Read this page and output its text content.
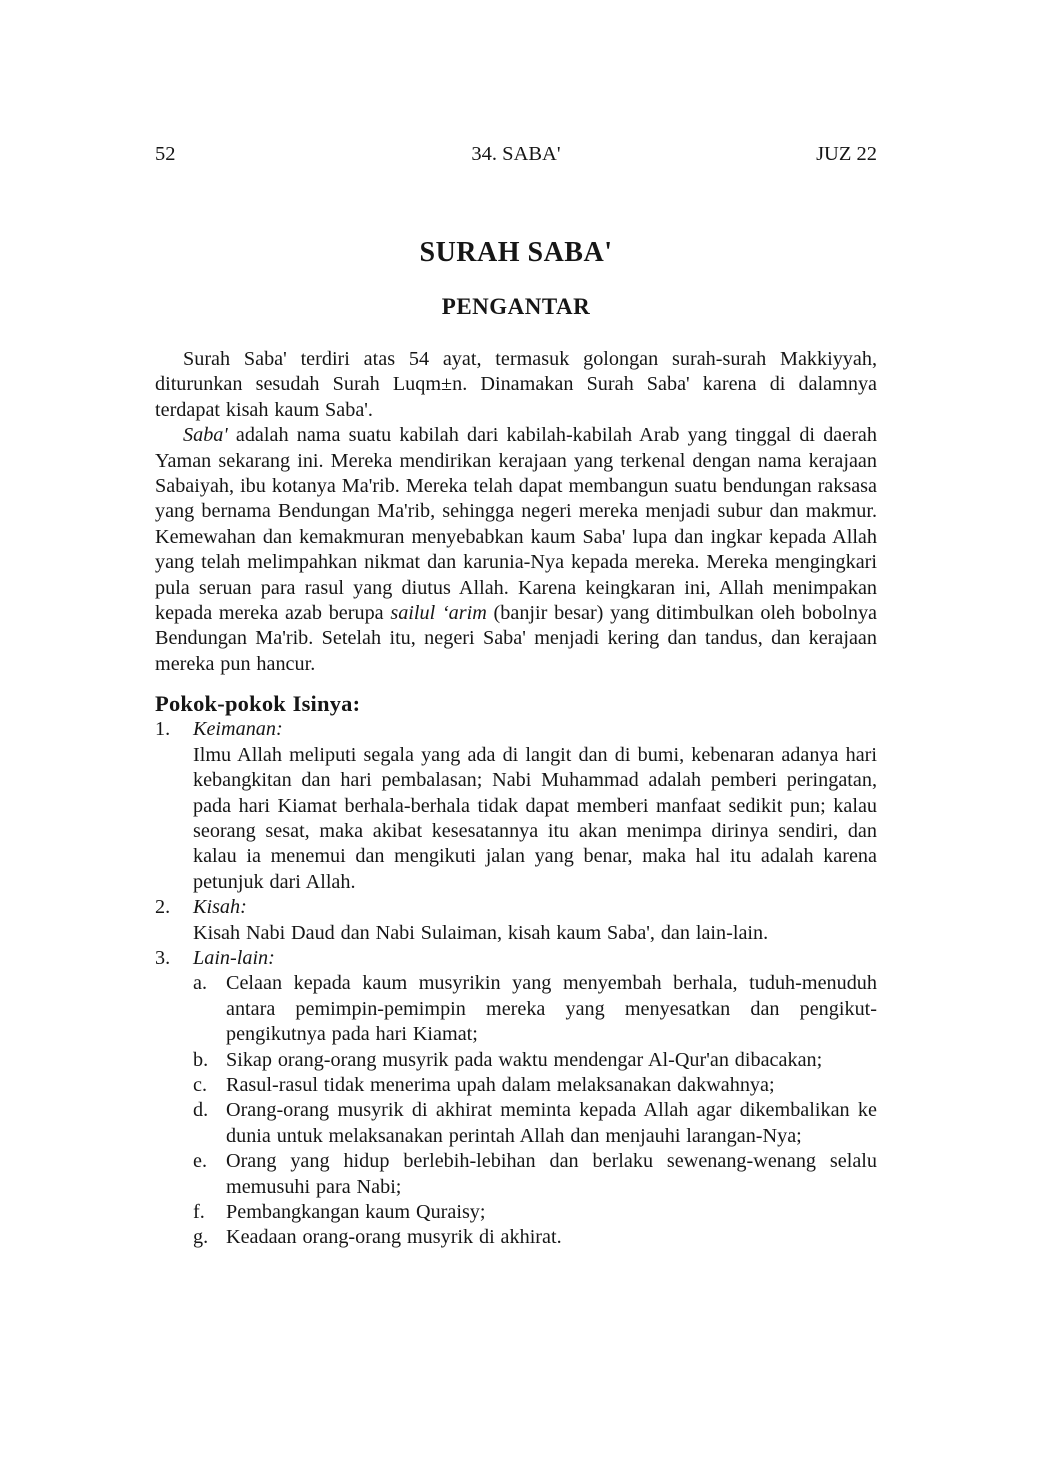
52	34. SABA'	JUZ 22
SURAH SABA'
PENGANTAR

Surah Saba' terdiri atas 54 ayat, termasuk golongan surah-surah Makkiyyah, diturunkan sesudah Surah Luqm±n. Dinamakan Surah Saba' karena di dalamnya terdapat kisah kaum Saba'.

Saba' adalah nama suatu kabilah dari kabilah-kabilah Arab yang tinggal di daerah Yaman sekarang ini. Mereka mendirikan kerajaan yang terkenal dengan nama kerajaan Sabaiyah, ibu kotanya Ma'rib. Mereka telah dapat membangun suatu bendungan raksasa yang bernama Bendungan Ma'rib, sehingga negeri mereka menjadi subur dan makmur. Kemewahan dan kemakmuran menyebabkan kaum Saba' lupa dan ingkar kepada Allah yang telah melimpahkan nikmat dan karunia-Nya kepada mereka. Mereka mengingkari pula seruan para rasul yang diutus Allah. Karena keingkaran ini, Allah menimpakan kepada mereka azab berupa sailul ‘arim (banjir besar) yang ditimbulkan oleh bobolnya Bendungan Ma'rib. Setelah itu, negeri Saba' menjadi kering dan tandus, dan kerajaan mereka pun hancur.

Pokok-pokok Isinya:
1.	Keimanan:
Ilmu Allah meliputi segala yang ada di langit dan di bumi, kebenaran adanya hari kebangkitan dan hari pembalasan; Nabi Muhammad adalah pemberi peringatan, pada hari Kiamat berhala-berhala tidak dapat memberi manfaat sedikit pun; kalau seorang sesat, maka akibat kesesatannya itu akan menimpa dirinya sendiri, dan kalau ia menemui dan mengikuti jalan yang benar, maka hal itu adalah karena petunjuk dari Allah.
2.	Kisah:
Kisah Nabi Daud dan Nabi Sulaiman, kisah kaum Saba', dan lain-lain.
3.	Lain-lain:
a. Celaan kepada kaum musyrikin yang menyembah berhala, tuduh-menuduh antara pemimpin-pemimpin mereka yang menyesatkan dan pengikut-pengikutnya pada hari Kiamat;
b. Sikap orang-orang musyrik pada waktu mendengar Al-Qur'an dibacakan;
c. Rasul-rasul tidak menerima upah dalam melaksanakan dakwahnya;
d. Orang-orang musyrik di akhirat meminta kepada Allah agar dikembalikan ke dunia untuk melaksanakan perintah Allah dan menjauhi larangan-Nya;
e. Orang yang hidup berlebih-lebihan dan berlaku sewenang-wenang selalu memusuhi para Nabi;
f.	Pembangkangan kaum Quraisy;
g. Keadaan orang-orang musyrik di akhirat.
